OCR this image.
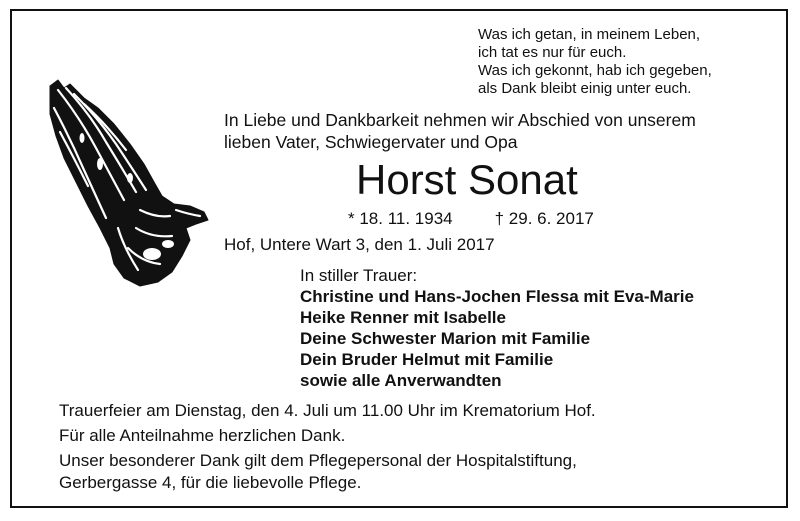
Was ich getan, in meinem Leben,
ich tat es nur für euch.
Was ich gekonnt, hab ich gegeben,
als Dank bleibt einig unter euch.
In Liebe und Dankbarkeit nehmen wir Abschied von unserem
lieben Vater, Schwiegervater und Opa
Horst Sonat
* 18. 11. 1934 † 29. 6. 2017
Hof, Untere Wart 3, den 1. Juli 2017
In stiller Trauer:
Christine und Hans-Jochen Flessa mit Eva-Marie
Heike Renner mit Isabelle
Deine Schwester Marion mit Familie
Dein Bruder Helmut mit Familie
sowie alle Anverwandten
Trauerfeier am Dienstag, den 4. Juli um 11.00 Uhr im Krematorium Hof.
Für alle Anteilnahme herzlichen Dank.
Unser besonderer Dank gilt dem Pflegepersonal der Hospitalstiftung,
Gerbergasse 4, für die liebevolle Pflege.
